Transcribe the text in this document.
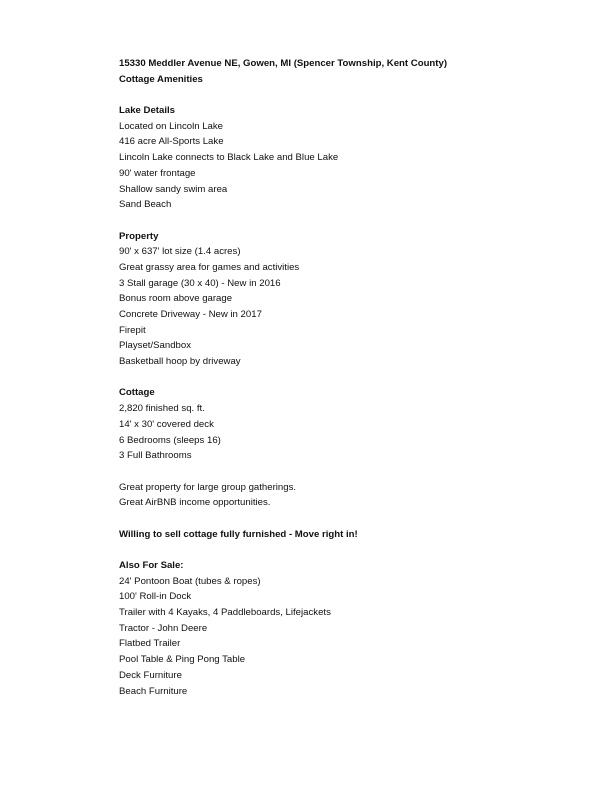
15330 Meddler Avenue NE, Gowen, MI (Spencer Township, Kent County)
Cottage Amenities
Lake Details
Located on Lincoln Lake
416 acre All-Sports Lake
Lincoln Lake connects to Black Lake and Blue Lake
90' water frontage
Shallow sandy swim area
Sand Beach
Property
90' x 637' lot size (1.4 acres)
Great grassy area for games and activities
3 Stall garage (30 x 40) - New in 2016
Bonus room above garage
Concrete Driveway - New in 2017
Firepit
Playset/Sandbox
Basketball hoop by driveway
Cottage
2,820 finished sq. ft.
14' x 30' covered deck
6 Bedrooms (sleeps 16)
3 Full Bathrooms
Great property for large group gatherings.
Great AirBNB income opportunities.
Willing to sell cottage fully furnished - Move right in!
Also For Sale:
24' Pontoon Boat (tubes & ropes)
100' Roll-in Dock
Trailer with 4 Kayaks, 4 Paddleboards, Lifejackets
Tractor - John Deere
Flatbed Trailer
Pool Table & Ping Pong Table
Deck Furniture
Beach Furniture
